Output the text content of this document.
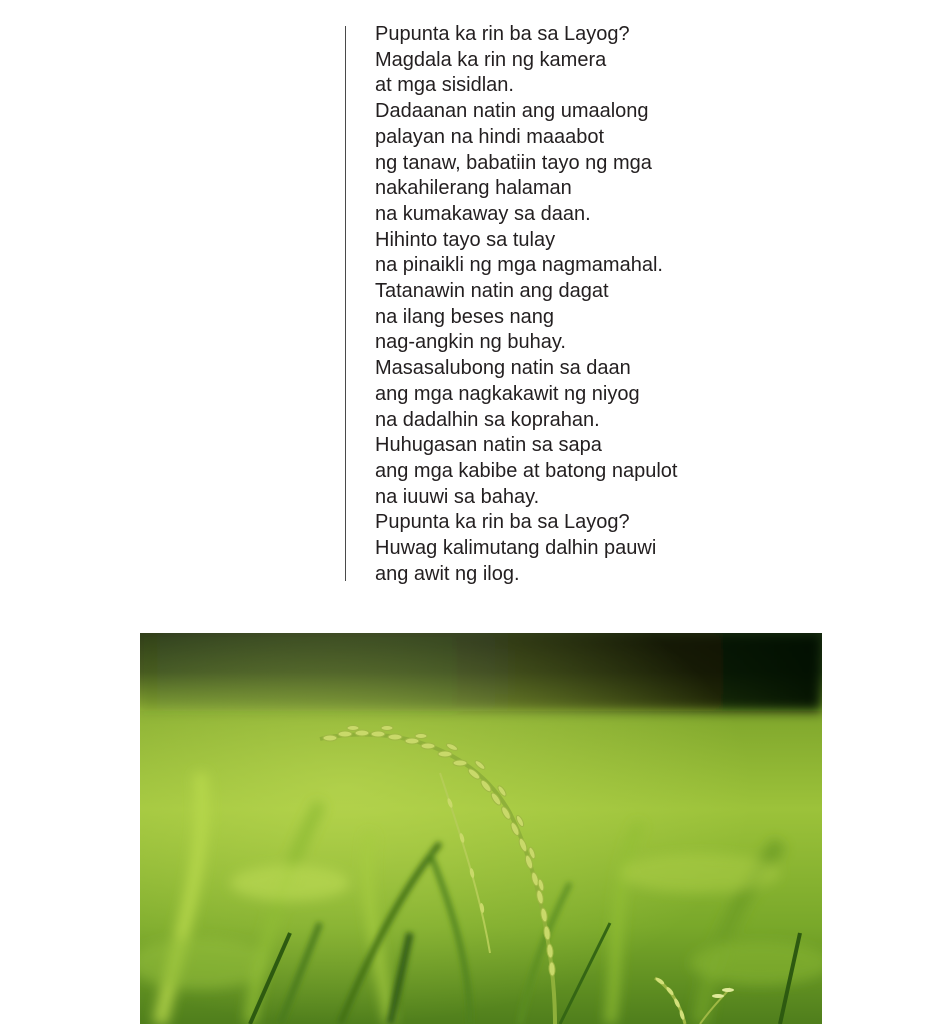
Pupunta ka rin ba sa Layog?
Magdala ka rin ng kamera
at mga sisidlan.
Dadaanan natin ang umaalong
palayan na hindi maaabot
ng tanaw, babatiin tayo ng mga
nakahilerang halaman
na kumakaway sa daan.
Hihinto tayo sa tulay
na pinaikli ng mga nagmamahal.
Tatanawin natin ang dagat
na ilang beses nang
nag-angkin ng buhay.
Masasalubong natin sa daan
ang mga nagkakawit ng niyog
na dadalhin sa koprahan.
Huhugasan natin sa sapa
ang mga kabibe at batong napulot
na iuuwi sa bahay.
Pupunta ka rin ba sa Layog?
Huwag kalimutang dalhin pauwi
ang awit ng ilog.
